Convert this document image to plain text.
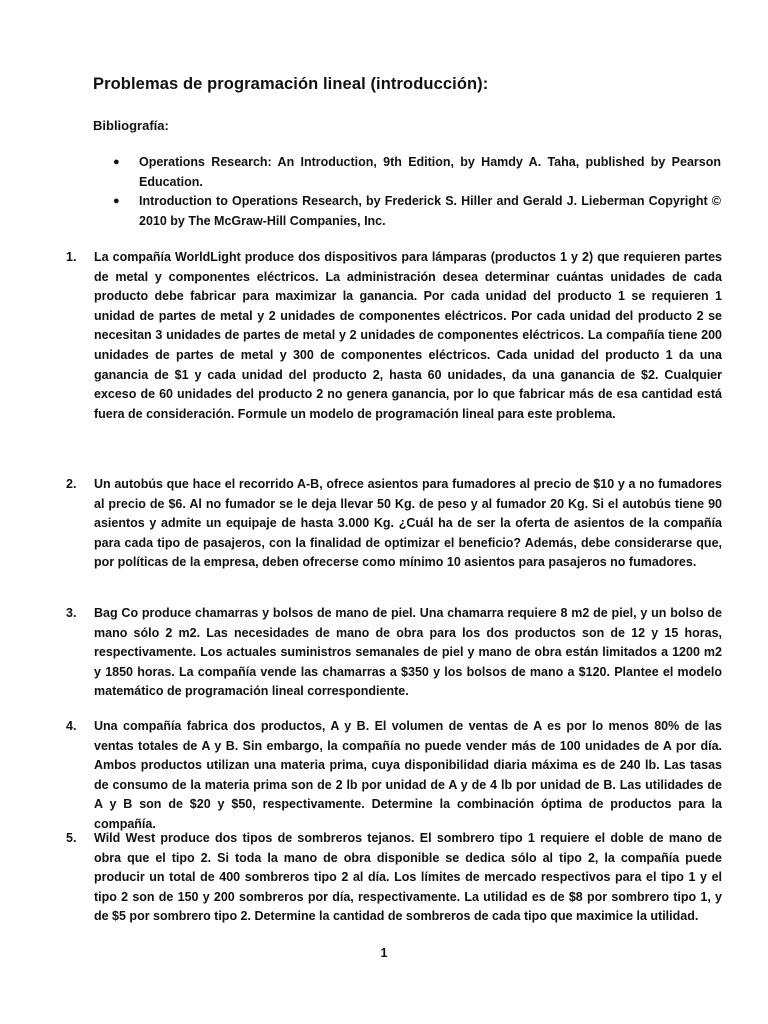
Problemas de programación lineal (introducción):
Bibliografía:
● Operations Research: An Introduction, 9th Edition, by Hamdy A. Taha, published by Pearson Education.
● Introduction to Operations Research, by Frederick S. Hiller and Gerald J. Lieberman Copyright © 2010 by The McGraw-Hill Companies, Inc.
1. La compañía WorldLight produce dos dispositivos para lámparas (productos 1 y 2) que requieren partes de metal y componentes eléctricos. La administración desea determinar cuántas unidades de cada producto debe fabricar para maximizar la ganancia. Por cada unidad del producto 1 se requieren 1 unidad de partes de metal y 2 unidades de componentes eléctricos. Por cada unidad del producto 2 se necesitan 3 unidades de partes de metal y 2 unidades de componentes eléctricos. La compañía tiene 200 unidades de partes de metal y 300 de componentes eléctricos. Cada unidad del producto 1 da una ganancia de $1 y cada unidad del producto 2, hasta 60 unidades, da una ganancia de $2. Cualquier exceso de 60 unidades del producto 2 no genera ganancia, por lo que fabricar más de esa cantidad está fuera de consideración. Formule un modelo de programación lineal para este problema.
2. Un autobús que hace el recorrido A-B, ofrece asientos para fumadores al precio de $10 y a no fumadores al precio de $6. Al no fumador se le deja llevar 50 Kg. de peso y al fumador 20 Kg. Si el autobús tiene 90 asientos y admite un equipaje de hasta 3.000 Kg. ¿Cuál ha de ser la oferta de asientos de la compañía para cada tipo de pasajeros, con la finalidad de optimizar el beneficio? Además, debe considerarse que, por políticas de la empresa, deben ofrecerse como mínimo 10 asientos para pasajeros no fumadores.
3. Bag Co produce chamarras y bolsos de mano de piel. Una chamarra requiere 8 m2 de piel, y un bolso de mano sólo 2 m2. Las necesidades de mano de obra para los dos productos son de 12 y 15 horas, respectivamente. Los actuales suministros semanales de piel y mano de obra están limitados a 1200 m2 y 1850 horas. La compañía vende las chamarras a $350 y los bolsos de mano a $120. Plantee el modelo matemático de programación lineal correspondiente.
4. Una compañía fabrica dos productos, A y B. El volumen de ventas de A es por lo menos 80% de las ventas totales de A y B. Sin embargo, la compañía no puede vender más de 100 unidades de A por día. Ambos productos utilizan una materia prima, cuya disponibilidad diaria máxima es de 240 lb. Las tasas de consumo de la materia prima son de 2 lb por unidad de A y de 4 lb por unidad de B. Las utilidades de A y B son de $20 y $50, respectivamente. Determine la combinación óptima de productos para la compañía.
5. Wild West produce dos tipos de sombreros tejanos. El sombrero tipo 1 requiere el doble de mano de obra que el tipo 2. Si toda la mano de obra disponible se dedica sólo al tipo 2, la compañía puede producir un total de 400 sombreros tipo 2 al día. Los límites de mercado respectivos para el tipo 1 y el tipo 2 son de 150 y 200 sombreros por día, respectivamente. La utilidad es de $8 por sombrero tipo 1, y de $5 por sombrero tipo 2. Determine la cantidad de sombreros de cada tipo que maximice la utilidad.
1
